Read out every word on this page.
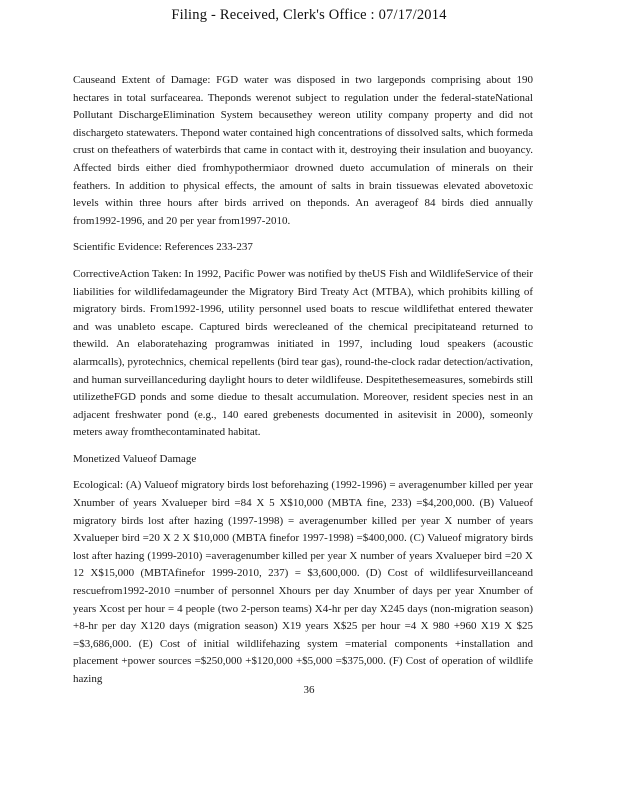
Filing - Received, Clerk's Office : 07/17/2014

Causeand Extent of Damage: FGD water was disposed in two largeponds comprising about 190 hectares in total surfacearea. Theponds werenot subject to regulation under the federal-stateNational Pollutant DischargeElimination System becausethey wereon utility company property and did not dischargeto statewaters. Thepond water contained high concentrations of dissolved salts, which formeda crust on thefeathers of waterbirds that came in contact with it, destroying their insulation and buoyancy. Affected birds either died fromhypothermiaor drowned dueto accumulation of minerals on their feathers. In addition to physical effects, the amount of salts in brain tissuewas elevated abovetoxic levels within three hours after birds arrived on theponds. An averageof 84 birds died annually from1992-1996, and 20 per year from1997-2010.

Scientific Evidence: References 233-237

CorrectiveAction Taken: In 1992, Pacific Power was notified by theUS Fish and WildlifeService of their liabilities for wildlifedamageunder the Migratory Bird Treaty Act (MTBA), which prohibits killing of migratory birds. From1992-1996, utility personnel used boats to rescue wildlifethat entered thewater and was unableto escape. Captured birds werecleaned of the chemical precipitateand returned to thewild. An elaboratehazing programwas initiated in 1997, including loud speakers (acoustic alarmcalls), pyrotechnics, chemical repellents (bird tear gas), round-the-clock radar detection/activation, and human surveillanceduring daylight hours to deter wildlifeuse. Despitethesemeasures, somebirds still utilizetheFGD ponds and some diedue to thesalt accumulation. Moreover, resident species nest in an adjacent freshwater pond (e.g., 140 eared grebenests documented in asitevisit in 2000), someonly meters away fromthecontaminated habitat.

Monetized Valueof Damage

Ecological: (A) Valueof migratory birds lost beforehazing (1992-1996) = averagenumber killed per year Xnumber of years Xvalueper bird =84 X 5 X$10,000 (MBTA fine, 233) =$4,200,000. (B) Valueof migratory birds lost after hazing (1997-1998) = averagenumber killed per year X number of years Xvalueper bird =20 X 2 X $10,000 (MBTA finefor 1997-1998) =$400,000. (C) Valueof migratory birds lost after hazing (1999-2010) =averagenumber killed per year X number of years Xvalueper bird =20 X 12 X$15,000 (MBTAfinefor 1999-2010, 237) = $3,600,000. (D) Cost of wildlifesurveillanceand rescuefrom1992-2010 =number of personnel Xhours per day Xnumber of days per year Xnumber of years Xcost per hour = 4 people (two 2-person teams) X4-hr per day X245 days (non-migration season) +8-hr per day X120 days (migration season) X19 years X$25 per hour =4 X 980 +960 X19 X $25 =$3,686,000. (E) Cost of initial wildlifehazing system =material components +installation and placement +power sources =$250,000 +$120,000 +$5,000 =$375,000. (F) Cost of operation of wildlife hazing

36
